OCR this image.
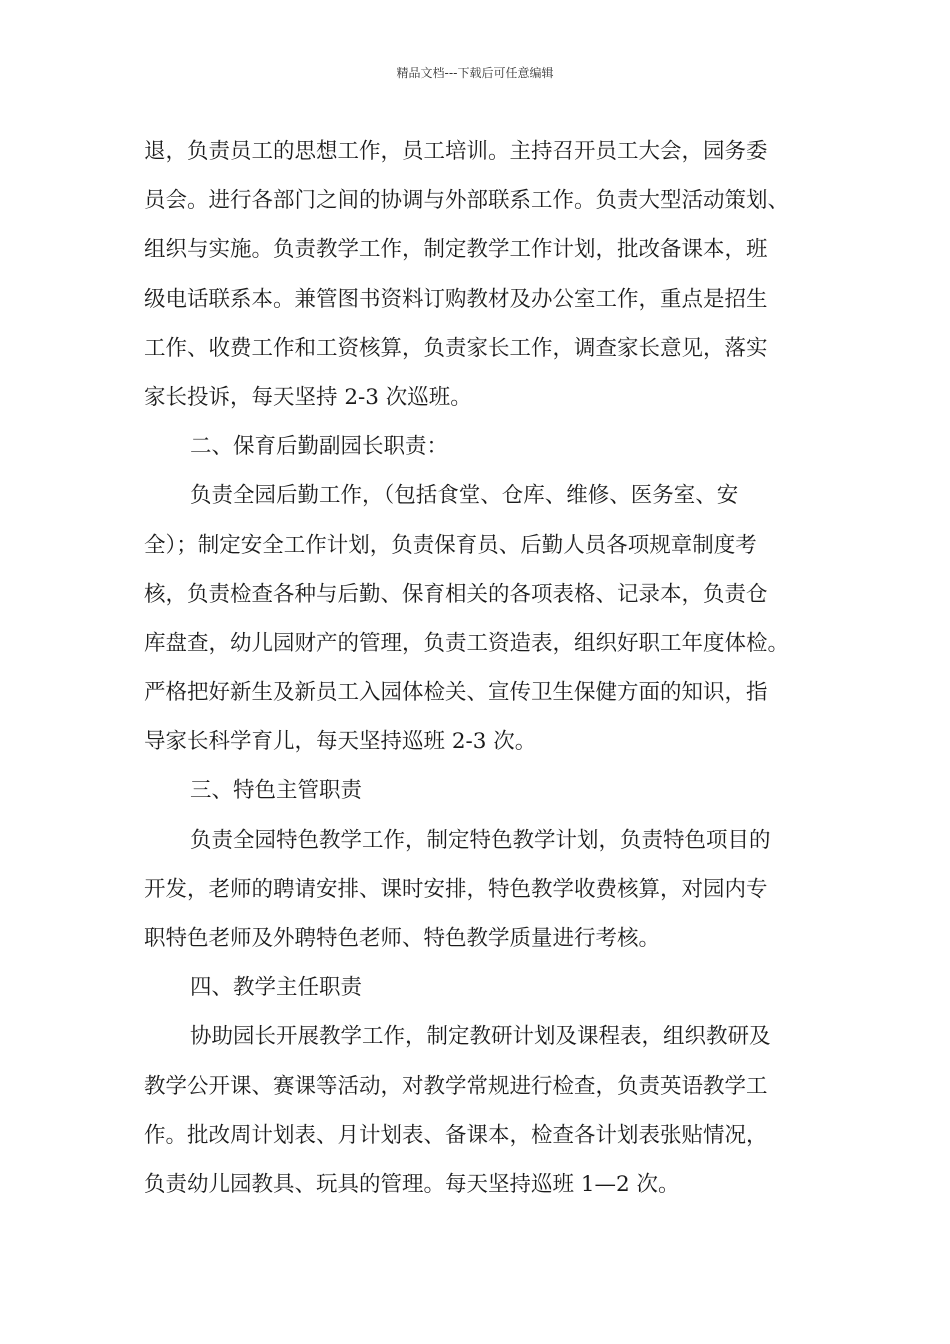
精品文档---下载后可任意编辑
退，负责员工的思想工作，员工培训。主持召开员工大会，园务委
员会。进行各部门之间的协调与外部联系工作。负责大型活动策划、
组织与实施。负责教学工作，制定教学工作计划，批改备课本，班
级电话联系本。兼管图书资料订购教材及办公室工作，重点是招生
工作、收费工作和工资核算，负责家长工作，调查家长意见，落实
家长投诉，每天坚持 2-3 次巡班。
二、保育后勤副园长职责：
负责全园后勤工作，（包括食堂、仓库、维修、医务室、安
全）；制定安全工作计划，负责保育员、后勤人员各项规章制度考
核，负责检查各种与后勤、保育相关的各项表格、记录本，负责仓
库盘查，幼儿园财产的管理，负责工资造表，组织好职工年度体检。
严格把好新生及新员工入园体检关、宣传卫生保健方面的知识，指
导家长科学育儿，每天坚持巡班 2-3 次。
三、特色主管职责
负责全园特色教学工作，制定特色教学计划，负责特色项目的
开发，老师的聘请安排、课时安排，特色教学收费核算，对园内专
职特色老师及外聘特色老师、特色教学质量进行考核。
四、教学主任职责
协助园长开展教学工作，制定教研计划及课程表，组织教研及
教学公开课、赛课等活动，对教学常规进行检查，负责英语教学工
作。批改周计划表、月计划表、备课本，检查各计划表张贴情况，
负责幼儿园教具、玩具的管理。每天坚持巡班 1—2 次。
